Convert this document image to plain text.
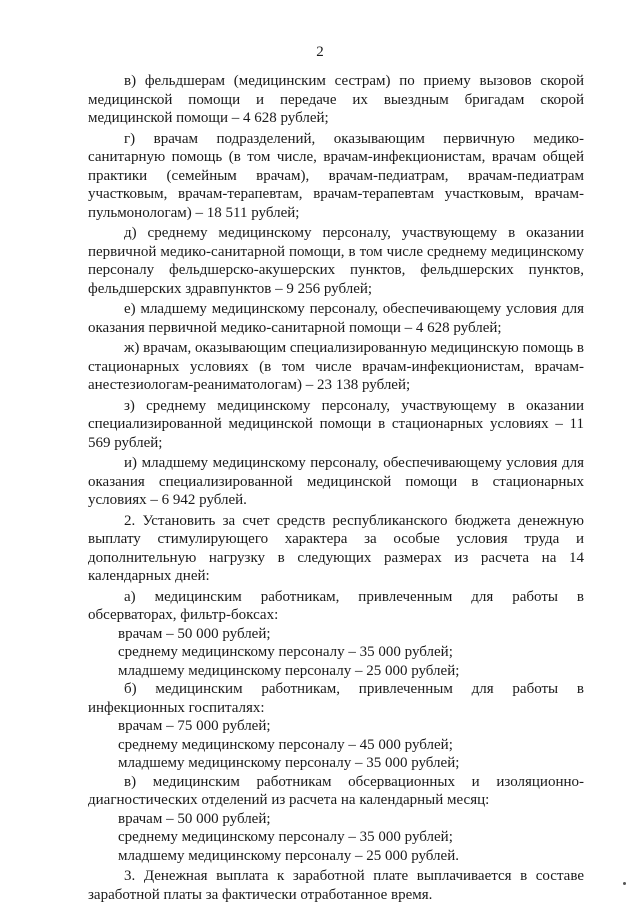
2

в) фельдшерам (медицинским сестрам) по приему вызовов скорой медицинской помощи и передаче их выездным бригадам скорой медицинской помощи – 4 628 рублей;

г) врачам подразделений, оказывающим первичную медико-санитарную помощь (в том числе, врачам-инфекционистам, врачам общей практики (семейным врачам), врачам-педиатрам, врачам-педиатрам участковым, врачам-терапевтам, врачам-терапевтам участковым, врачам-пульмонологам) – 18 511 рублей;

д) среднему медицинскому персоналу, участвующему в оказании первичной медико-санитарной помощи, в том числе среднему медицинскому персоналу фельдшерско-акушерских пунктов, фельдшерских пунктов, фельдшерских здравпунктов – 9 256 рублей;

е) младшему медицинскому персоналу, обеспечивающему условия для оказания первичной медико-санитарной помощи – 4 628 рублей;

ж) врачам, оказывающим специализированную медицинскую помощь в стационарных условиях (в том числе врачам-инфекционистам, врачам-анестезиологам-реаниматологам) – 23 138 рублей;

з) среднему медицинскому персоналу, участвующему в оказании специализированной медицинской помощи в стационарных условиях – 11 569 рублей;

и) младшему медицинскому персоналу, обеспечивающему условия для оказания специализированной медицинской помощи в стационарных условиях – 6 942 рублей.

2. Установить за счет средств республиканского бюджета денежную выплату стимулирующего характера за особые условия труда и дополнительную нагрузку в следующих размерах из расчета на 14 календарных дней:

а) медицинским работникам, привлеченным для работы в обсерваторах, фильтр-боксах:

врачам – 50 000 рублей;

среднему медицинскому персоналу – 35 000 рублей;

младшему медицинскому персоналу – 25 000 рублей;

б) медицинским работникам, привлеченным для работы в инфекционных госпиталях:

врачам – 75 000 рублей;

среднему медицинскому персоналу – 45 000 рублей;

младшему медицинскому персоналу – 35 000 рублей;

в) медицинским работникам обсервационных и изоляционно-диагностических отделений из расчета на календарный месяц:

врачам – 50 000 рублей;

среднему медицинскому персоналу – 35 000 рублей;

младшему медицинскому персоналу – 25 000 рублей.

3. Денежная выплата к заработной плате выплачивается в составе заработной платы за фактически отработанное время.
